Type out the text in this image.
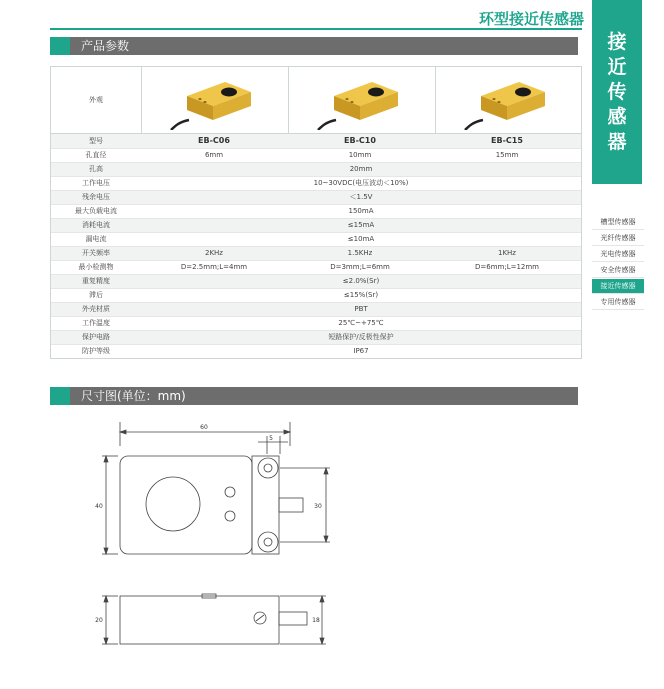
环型接近传感器
接
近
传
感
器
槽型传感器
光纤传感器
光电传感器
安全传感器
接近传感器
专用传感器
产品参数
外观
型号	EB-C06	EB-C10	EB-C15
孔直径	6mm	10mm	15mm
孔高	20mm
工作电压	10~30VDC(电压波动＜10%)
残余电压	＜1.5V
最大负载电流	150mA
消耗电流	≤15mA
漏电流	≤10mA
开关频率	2KHz	1.5KHz	1KHz
最小检测物	D=2.5mm;L=4mm	D=3mm;L=6mm	D=6mm;L=12mm
重复精度	≤2.0%(Sr)
滞后	≤15%(Sr)
外壳材质	PBT
工作温度	25℃~+75℃
保护电路	短路保护/反极性保护
防护等级	IP67
尺寸图(单位：mm)
60
5
40	30
20	18
